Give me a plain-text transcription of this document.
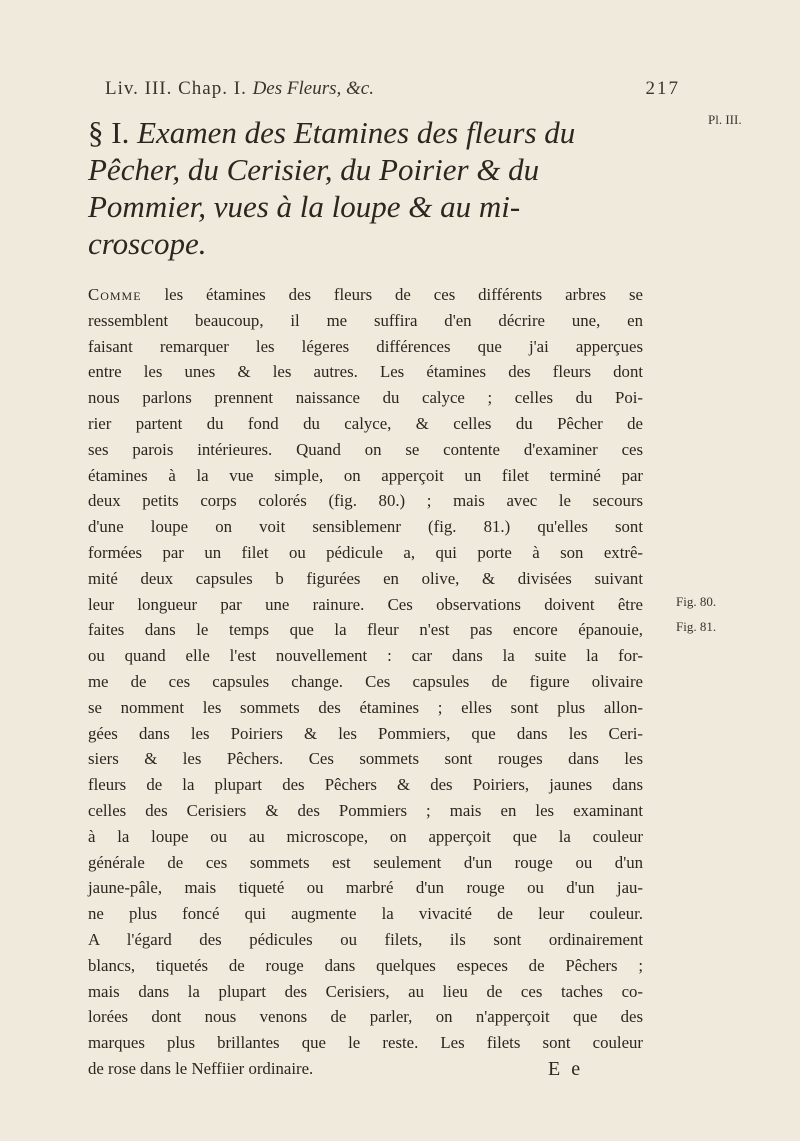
Liv. III. Chap. I. Des Fleurs, &c.	217
Pl. III.
Fig. 80.
Fig. 81.
§ I. Examen des Etamines des fleurs du
Pêcher, du Cerisier, du Poirier & du
Pommier, vues à la loupe & au mi-
croscope.
Comme les étamines des fleurs de ces différents arbres se
ressemblent beaucoup, il me suffira d'en décrire une, en
faisant remarquer les légeres différences que j'ai apperçues
entre les unes & les autres. Les étamines des fleurs dont
nous parlons prennent naissance du calyce ; celles du Poi-
rier partent du fond du calyce, & celles du Pêcher de
ses parois intérieures. Quand on se contente d'examiner ces
étamines à la vue simple, on apperçoit un filet terminé par
deux petits corps colorés (fig. 80.) ; mais avec le secours
d'une loupe on voit sensiblemenr (fig. 81.) qu'elles sont
formées par un filet ou pédicule a, qui porte à son extrê-
mité deux capsules b figurées en olive, & divisées suivant
leur longueur par une rainure. Ces observations doivent être
faites dans le temps que la fleur n'est pas encore épanouie,
ou quand elle l'est nouvellement : car dans la suite la for-
me de ces capsules change. Ces capsules de figure olivaire
se nomment les sommets des étamines ; elles sont plus allon-
gées dans les Poiriers & les Pommiers, que dans les Ceri-
siers & les Pêchers. Ces sommets sont rouges dans les
fleurs de la plupart des Pêchers & des Poiriers, jaunes dans
celles des Cerisiers & des Pommiers ; mais en les examinant
à la loupe ou au microscope, on apperçoit que la couleur
générale de ces sommets est seulement d'un rouge ou d'un
jaune-pâle, mais tiqueté ou marbré d'un rouge ou d'un jau-
ne plus foncé qui augmente la vivacité de leur couleur.
A l'égard des pédicules ou filets, ils sont ordinairement
blancs, tiquetés de rouge dans quelques especes de Pêchers ;
mais dans la plupart des Cerisiers, au lieu de ces taches co-
lorées dont nous venons de parler, on n'apperçoit que des
marques plus brillantes que le reste. Les filets sont couleur
de rose dans le Neffiier ordinaire.	E e
